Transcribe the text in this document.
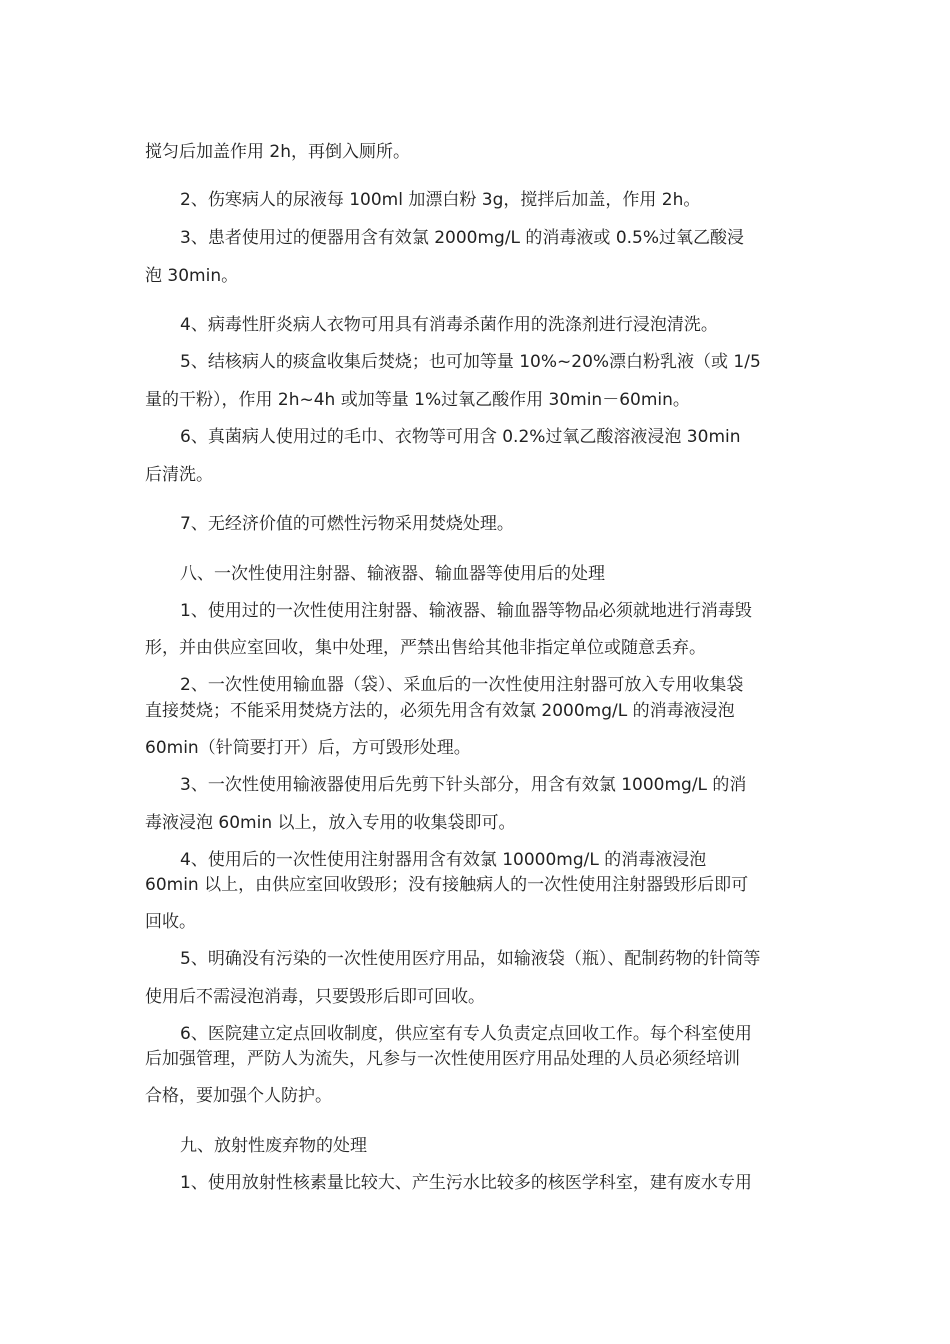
搅匀后加盖作用 2h，再倒入厕所。
2、伤寒病人的尿液每 100ml 加漂白粉 3g，搅拌后加盖，作用 2h。
3、患者使用过的便器用含有效氯 2000mg/L 的消毒液或 0.5%过氧乙酸浸
泡 30min。
4、病毒性肝炎病人衣物可用具有消毒杀菌作用的洗涤剂进行浸泡清洗。
5、结核病人的痰盒收集后焚烧；也可加等量 10%~20%漂白粉乳液（或 1/5
量的干粉），作用 2h~4h 或加等量 1%过氧乙酸作用 30min－60min。
6、真菌病人使用过的毛巾、衣物等可用含 0.2%过氧乙酸溶液浸泡 30min
后清洗。
7、无经济价值的可燃性污物采用焚烧处理。
八、一次性使用注射器、输液器、输血器等使用后的处理
1、使用过的一次性使用注射器、输液器、输血器等物品必须就地进行消毒毁
形，并由供应室回收，集中处理，严禁出售给其他非指定单位或随意丢弃。
2、一次性使用输血器（袋）、采血后的一次性使用注射器可放入专用收集袋
直接焚烧；不能采用焚烧方法的，必须先用含有效氯 2000mg/L 的消毒液浸泡
60min（针筒要打开）后，方可毁形处理。
3、一次性使用输液器使用后先剪下针头部分，用含有效氯 1000mg/L 的消
毒液浸泡 60min 以上，放入专用的收集袋即可。
4、使用后的一次性使用注射器用含有效氯 10000mg/L 的消毒液浸泡
60min 以上，由供应室回收毁形；没有接触病人的一次性使用注射器毁形后即可
回收。
5、明确没有污染的一次性使用医疗用品，如输液袋（瓶）、配制药物的针筒等
使用后不需浸泡消毒，只要毁形后即可回收。
6、医院建立定点回收制度，供应室有专人负责定点回收工作。每个科室使用
后加强管理，严防人为流失，凡参与一次性使用医疗用品处理的人员必须经培训
合格，要加强个人防护。
九、放射性废弃物的处理
1、使用放射性核素量比较大、产生污水比较多的核医学科室，建有废水专用
